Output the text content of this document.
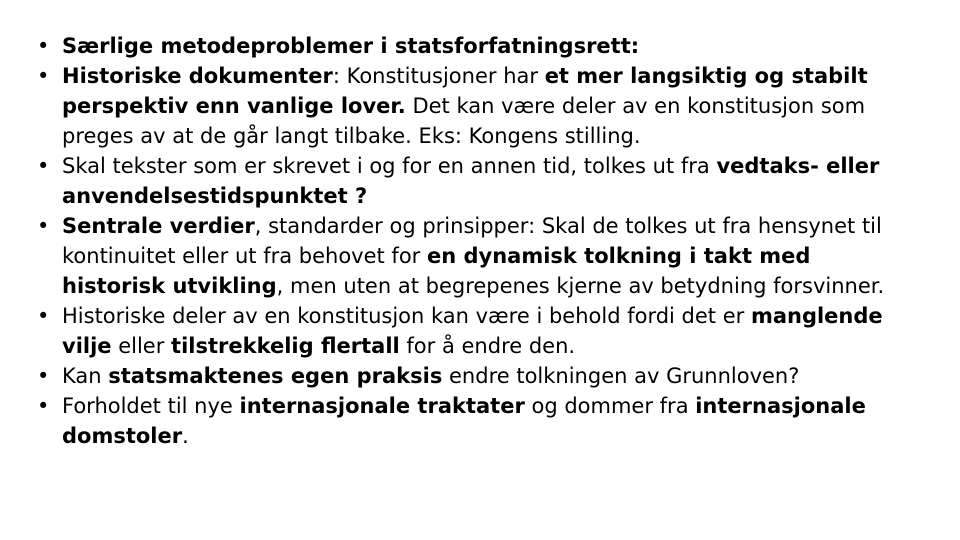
• Særlige metodeproblemer i statsforfatningsrett:
• Historiske dokumenter: Konstitusjoner har et mer langsiktig og stabilt perspektiv enn vanlige lover. Det kan være deler av en konstitusjon som preges av at de går langt tilbake. Eks: Kongens stilling.
• Skal tekster som er skrevet i og for en annen tid, tolkes ut fra vedtaks- eller anvendelsestidspunktet ?
• Sentrale verdier, standarder og prinsipper: Skal de tolkes ut fra hensynet til kontinuitet eller ut fra behovet for en dynamisk tolkning i takt med historisk utvikling, men uten at begrepenes kjerne av betydning forsvinner.
• Historiske deler av en konstitusjon kan være i behold fordi det er manglende vilje eller tilstrekkelig flertall for å endre den.
• Kan statsmaktenes egen praksis endre tolkningen av Grunnloven?
• Forholdet til nye internasjonale traktater og dommer fra internasjonale domstoler.
